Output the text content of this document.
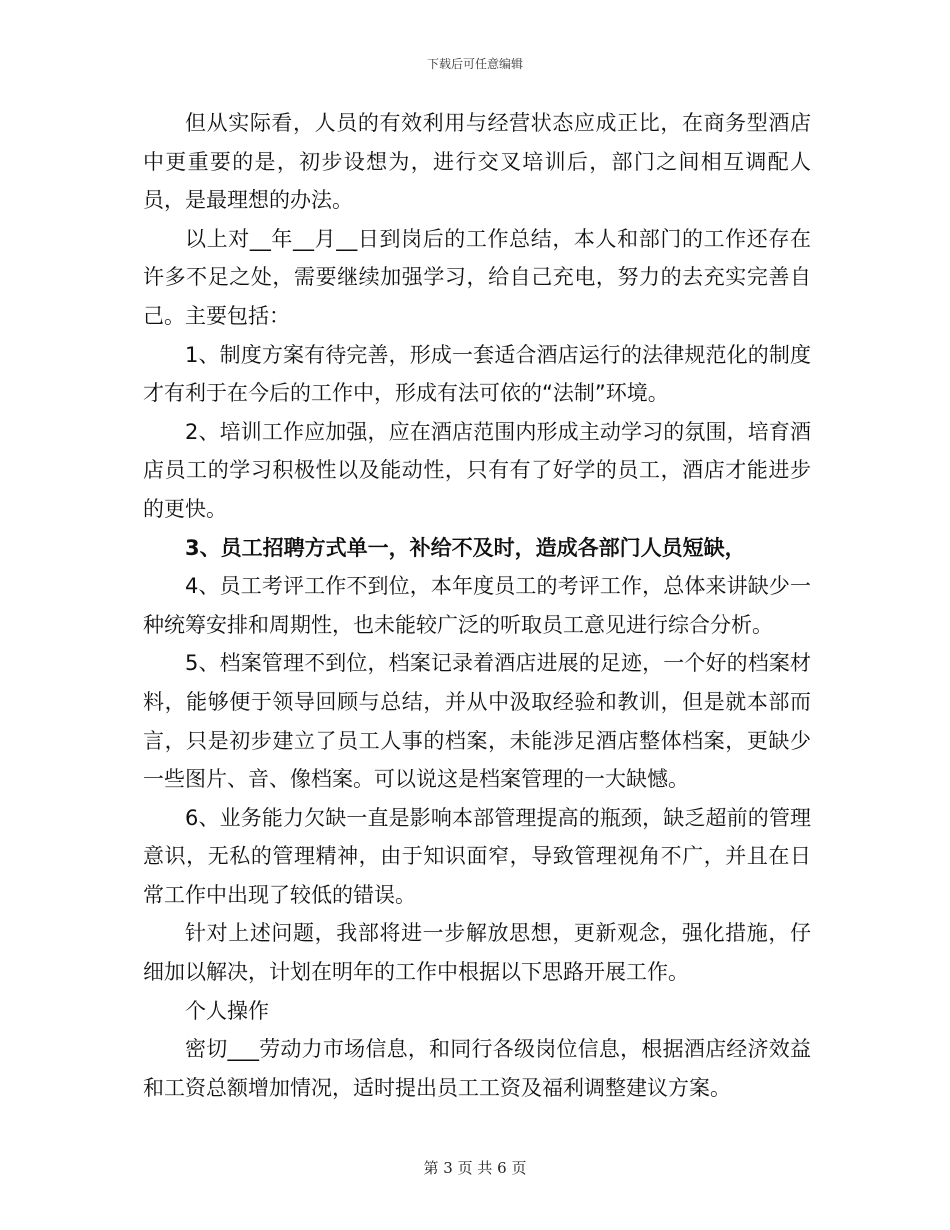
下载后可任意编辑

但从实际看，人员的有效利用与经营状态应成正比，在商务型酒店中更重要的是，初步设想为，进行交叉培训后，部门之间相互调配人员，是最理想的办法。

以上对__年__月__日到岗后的工作总结，本人和部门的工作还存在许多不足之处，需要继续加强学习，给自己充电，努力的去充实完善自己。主要包括：

1、制度方案有待完善，形成一套适合酒店运行的法律规范化的制度才有利于在今后的工作中，形成有法可依的“法制”环境。

2、培训工作应加强，应在酒店范围内形成主动学习的氛围，培育酒店员工的学习积极性以及能动性，只有有了好学的员工，酒店才能进步的更快。

3、员工招聘方式单一，补给不及时，造成各部门人员短缺，

4、员工考评工作不到位，本年度员工的考评工作，总体来讲缺少一种统筹安排和周期性，也未能较广泛的听取员工意见进行综合分析。

5、档案管理不到位，档案记录着酒店进展的足迹，一个好的档案材料，能够便于领导回顾与总结，并从中汲取经验和教训，但是就本部而言，只是初步建立了员工人事的档案，未能涉足酒店整体档案，更缺少一些图片、音、像档案。可以说这是档案管理的一大缺憾。

6、业务能力欠缺一直是影响本部管理提高的瓶颈，缺乏超前的管理意识，无私的管理精神，由于知识面窄，导致管理视角不广，并且在日常工作中出现了较低的错误。

针对上述问题，我部将进一步解放思想，更新观念，强化措施，仔细加以解决，计划在明年的工作中根据以下思路开展工作。

个人操作

密切___劳动力市场信息，和同行各级岗位信息，根据酒店经济效益和工资总额增加情况，适时提出员工工资及福利调整建议方案。

第 3 页 共 6 页
